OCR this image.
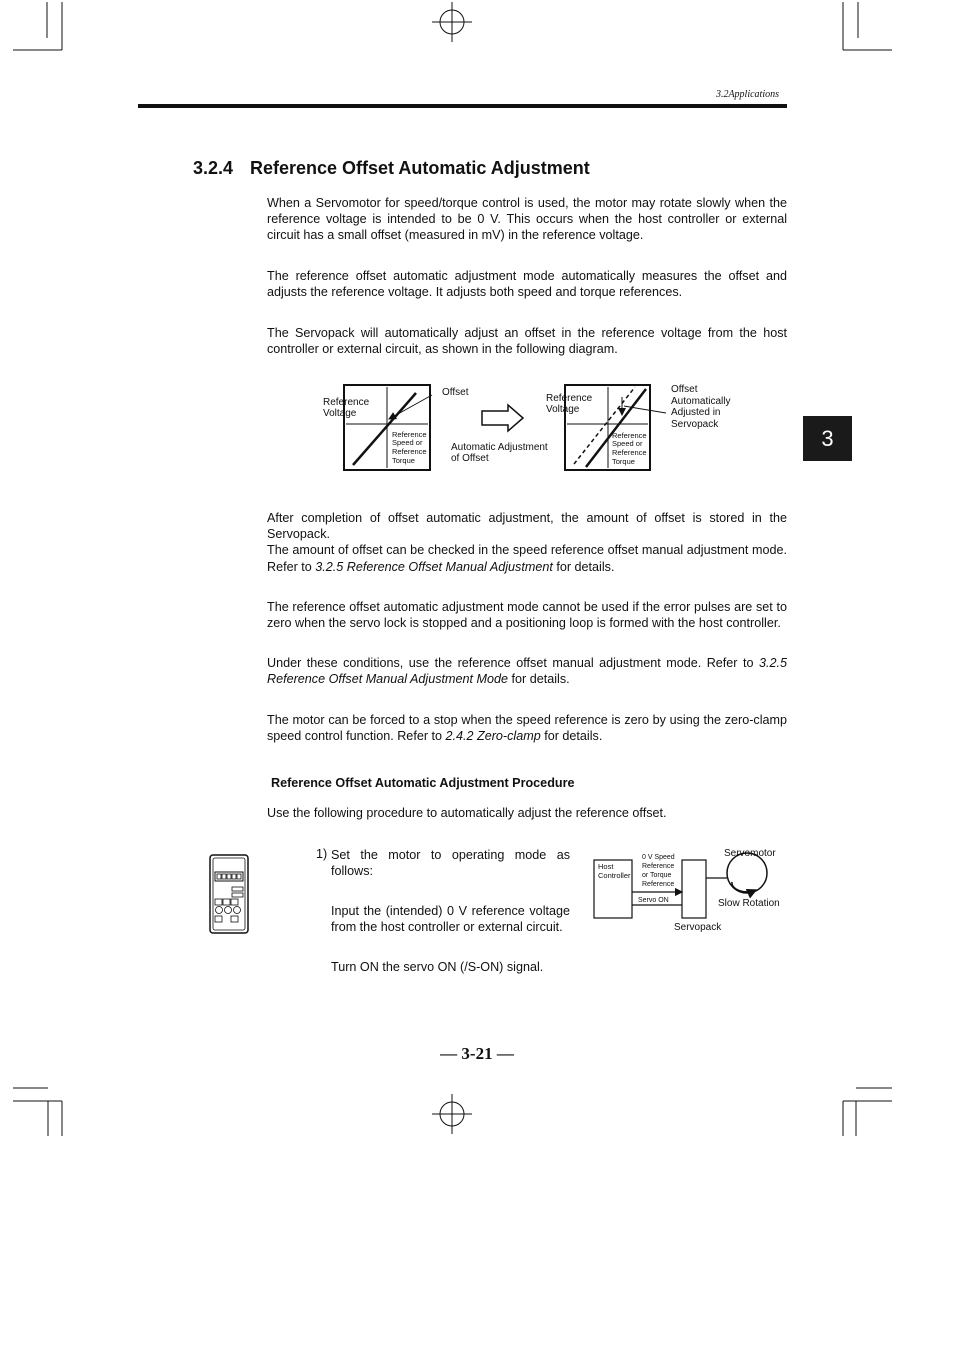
3.2Applications
3
3.2.4 Reference Offset Automatic Adjustment

When a Servomotor for speed/torque control is used, the motor may rotate slowly when the reference voltage is intended to be 0 V. This occurs when the host controller or external circuit has a small offset (measured in mV) in the reference voltage.

The reference offset automatic adjustment mode automatically measures the offset and adjusts the reference voltage. It adjusts both speed and torque references.

The Servopack will automatically adjust an offset in the reference voltage from the host controller or external circuit, as shown in the following diagram.

Reference
Voltage
Reference
Speed or
Reference
Torque
Offset
Automatic Adjustment
of Offset
Reference
Voltage
Reference
Speed or
Reference
Torque
Offset
Automatically
Adjusted in
Servopack
After completion of offset automatic adjustment, the amount of offset is stored in the Servopack.
The amount of offset can be checked in the speed reference offset manual adjustment mode. Refer to 3.2.5 Reference Offset Manual Adjustment for details.

The reference offset automatic adjustment mode cannot be used if the error pulses are set to zero when the servo lock is stopped and a positioning loop is formed with the host controller.

Under these conditions, use the reference offset manual adjustment mode. Refer to 3.2.5 Reference Offset Manual Adjustment Mode for details.

The motor can be forced to a stop when the speed reference is zero by using the zero-clamp speed control function. Refer to 2.4.2 Zero-clamp for details.

Reference Offset Automatic Adjustment Procedure

Use the following procedure to automatically adjust the reference offset.

1) Set the motor to operating mode as follows:

Input the (intended) 0 V reference voltage from the host controller or external circuit.

Turn ON the servo ON (/S-ON) signal.

Host
Controller
0 V Speed
Reference
or Torque
Reference
Servo ON
Servomotor
Slow Rotation
Servopack
— 3-21 —
